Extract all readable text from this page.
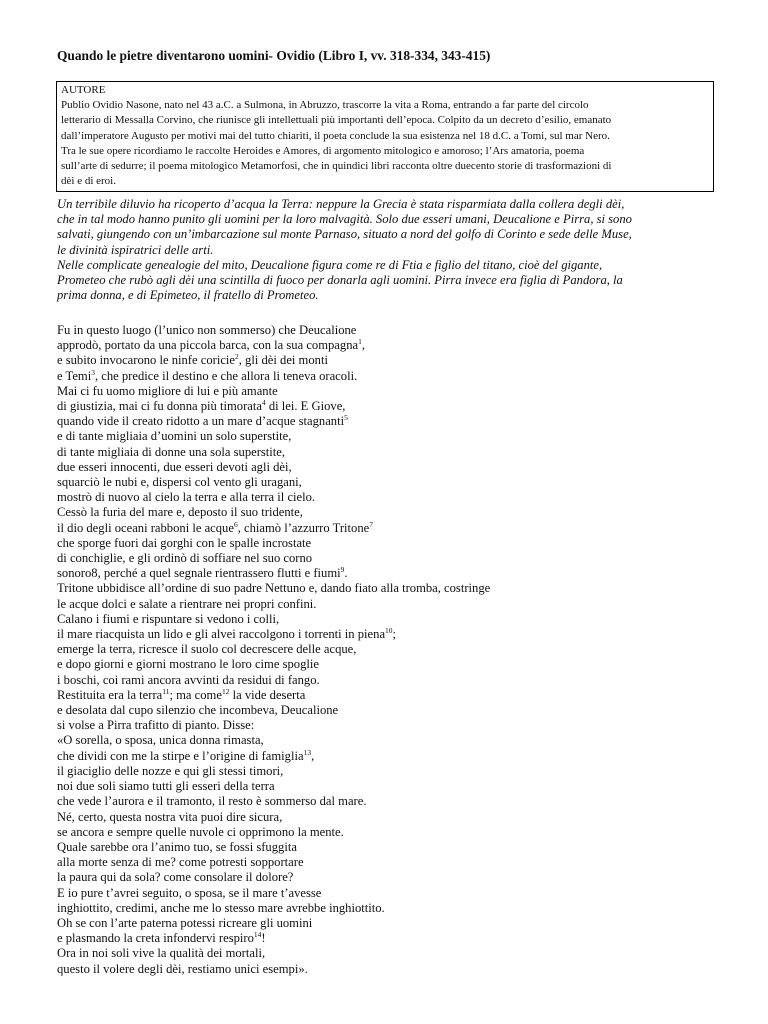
Quando le pietre diventarono uomini- Ovidio (Libro I, vv. 318-334, 343-415)
AUTORE
Publio Ovidio Nasone, nato nel 43 a.C. a Sulmona, in Abruzzo, trascorre la vita a Roma, entrando a far parte del circolo
letterario di Messalla Corvino, che riunisce gli intellettuali più importanti dell’epoca. Colpito da un decreto d’esilio, emanato
dall’imperatore Augusto per motivi mai del tutto chiariti, il poeta conclude la sua esistenza nel 18 d.C. a Tomi, sul mar Nero.
Tra le sue opere ricordiamo le raccolte Heroides e Amores, di argomento mitologico e amoroso; l’Ars amatoria, poema
sull’arte di sedurre; il poema mitologico Metamorfosi, che in quindici libri racconta oltre duecento storie di trasformazioni di
dèi e di eroi.
Un terribile diluvio ha ricoperto d’acqua la Terra: neppure la Grecia è stata risparmiata dalla collera degli dèi,
che in tal modo hanno punito gli uomini per la loro malvagità. Solo due esseri umani, Deucalione e Pirra, si sono
salvati, giungendo con un’imbarcazione sul monte Parnaso, situato a nord del golfo di Corinto e sede delle Muse,
le divinità ispiratrici delle arti.
Nelle complicate genealogie del mito, Deucalione figura come re di Ftia e figlio del titano, cioè del gigante,
Prometeo che rubò agli dèi una scintilla di fuoco per donarla agli uomini. Pirra invece era figlia di Pandora, la
prima donna, e di Epimeteo, il fratello di Prometeo.
Fu in questo luogo (l’unico non sommerso) che Deucalione
approdò, portato da una piccola barca, con la sua compagna$^1$,
e subito invocarono le ninfe coricie$^2$, gli dèi dei monti
e Temi$^3$, che predice il destino e che allora li teneva oracoli.
Mai ci fu uomo migliore di lui e più amante
di giustizia, mai ci fu donna più timorata$^4$ di lei. E Giove,
quando vide il creato ridotto a un mare d’acque stagnanti$^5$
e di tante migliaia d’uomini un solo superstite,
di tante migliaia di donne una sola superstite,
due esseri innocenti, due esseri devoti agli dèi,
squarciò le nubi e, dispersi col vento gli uragani,
mostrò di nuovo al cielo la terra e alla terra il cielo.
Cessò la furia del mare e, deposto il suo tridente,
il dio degli oceani rabboni le acque$^6$, chiamò l’azzurro Tritone$^7$
che sporge fuori dai gorghi con le spalle incrostate
di conchiglie, e gli ordinò di soffiare nel suo corno
sonoro8, perché a quel segnale rientrassero flutti e fiumi$^9$.
Tritone ubbidisce all’ordine di suo padre Nettuno e, dando fiato alla tromba, costringe
le acque dolci e salate a rientrare nei propri confini.
Calano i fiumi e rispuntare si vedono i colli,
il mare riacquista un lido e gli alvei raccolgono i torrenti in piena$^{10}$;
emerge la terra, ricresce il suolo col decrescere delle acque,
e dopo giorni e giorni mostrano le loro cime spoglie
i boschi, coi rami ancora avvinti da residui di fango.
Restituita era la terra$^{11}$; ma come$^{12}$ la vide deserta
e desolata dal cupo silenzio che incombeva, Deucalione
si volse a Pirra trafitto di pianto. Disse:
«O sorella, o sposa, unica donna rimasta,
che dividi con me la stirpe e l’origine di famiglia$^{13}$,
il giaciglio delle nozze e qui gli stessi timori,
noi due soli siamo tutti gli esseri della terra
che vede l’aurora e il tramonto, il resto è sommerso dal mare.
Né, certo, questa nostra vita puoi dire sicura,
se ancora e sempre quelle nuvole ci opprimono la mente.
Quale sarebbe ora l’animo tuo, se fossi sfuggita
alla morte senza di me? come potresti sopportare
la paura qui da sola? come consolare il dolore?
E io pure t’avrei seguito, o sposa, se il mare t’avesse
inghiottito, credimi, anche me lo stesso mare avrebbe inghiottito.
Oh se con l’arte paterna potessi ricreare gli uomini
e plasmando la creta infondervi respiro$^{14}$!
Ora in noi soli vive la qualità dei mortali,
questo il volere degli dèi, restiamo unici esempi».
